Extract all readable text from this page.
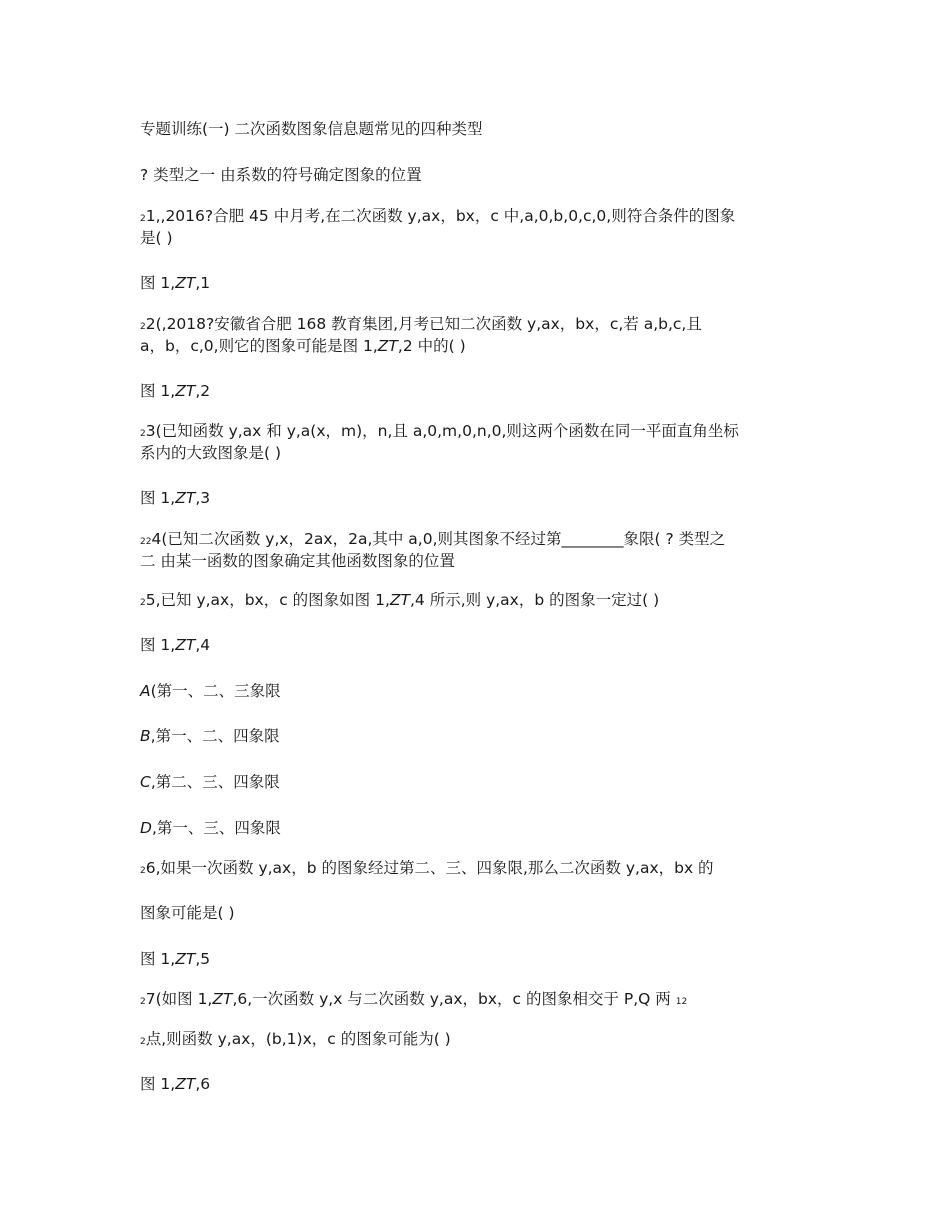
专题训练(一) 二次函数图象信息题常见的四种类型
? 类型之一 由系数的符号确定图象的位置
21,,2016?合肥 45 中月考,在二次函数 y,ax，bx，c 中,a,0,b,0,c,0,则符合条件的图象
是( )
图 1,ZT,1
22(,2018?安徽省合肥 168 教育集团,月考已知二次函数 y,ax，bx，c,若 a,b,c,且
a，b，c,0,则它的图象可能是图 1,ZT,2 中的( )
图 1,ZT,2
23(已知函数 y,ax 和 y,a(x，m)，n,且 a,0,m,0,n,0,则这两个函数在同一平面直角坐标
系内的大致图象是( )
图 1,ZT,3
224(已知二次函数 y,x，2ax，2a,其中 a,0,则其图象不经过第________象限( ? 类型之
二 由某一函数的图象确定其他函数图象的位置
25,已知 y,ax，bx，c 的图象如图 1,ZT,4 所示,则 y,ax，b 的图象一定过( )
图 1,ZT,4
A(第一、二、三象限
B,第一、二、四象限
C,第二、三、四象限
D,第一、三、四象限
26,如果一次函数 y,ax，b 的图象经过第二、三、四象限,那么二次函数 y,ax，bx 的
图象可能是( )
图 1,ZT,5
27(如图 1,ZT,6,一次函数 y,x 与二次函数 y,ax，bx，c 的图象相交于 P,Q 两 12
2点,则函数 y,ax，(b,1)x，c 的图象可能为( )
图 1,ZT,6
